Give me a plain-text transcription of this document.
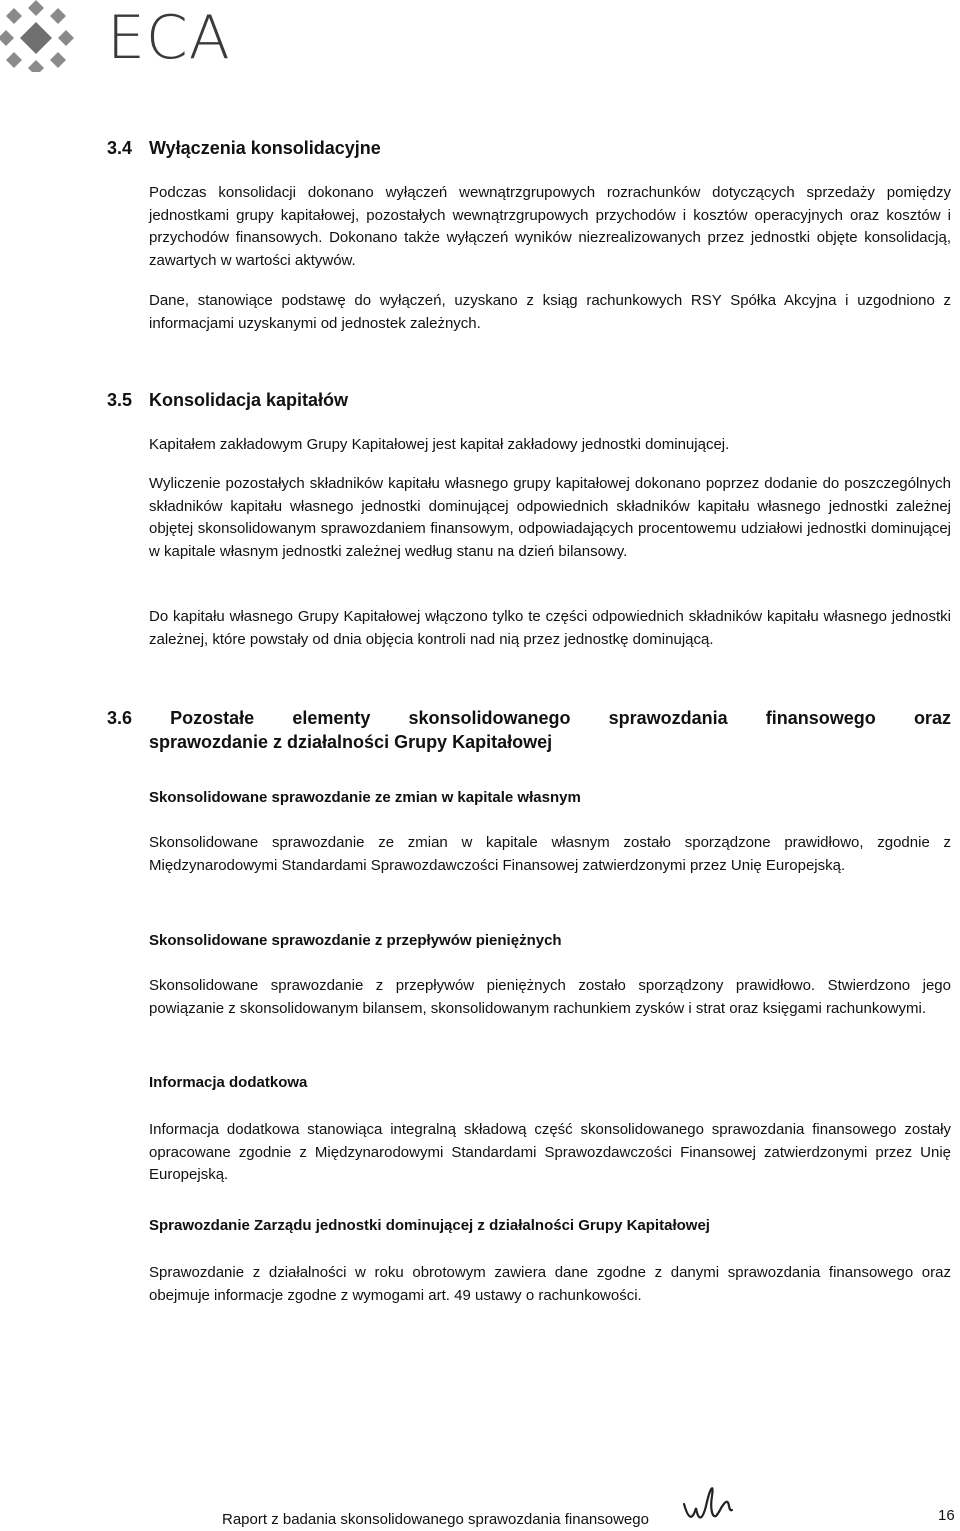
ECA
3.4 Wyłączenia konsolidacyjne

Podczas konsolidacji dokonano wyłączeń wewnątrzgrupowych rozrachunków dotyczących sprzedaży pomiędzy jednostkami grupy kapitałowej, pozostałych wewnątrzgrupowych przychodów i kosztów operacyjnych oraz kosztów i przychodów finansowych. Dokonano także wyłączeń wyników niezrealizowanych przez jednostki objęte konsolidacją, zawartych w wartości aktywów.

Dane, stanowiące podstawę do wyłączeń, uzyskano z ksiąg rachunkowych RSY Spółka Akcyjna i uzgodniono z informacjami uzyskanymi od jednostek zależnych.

3.5 Konsolidacja kapitałów

Kapitałem zakładowym Grupy Kapitałowej jest kapitał zakładowy jednostki dominującej.

Wyliczenie pozostałych składników kapitału własnego grupy kapitałowej dokonano poprzez dodanie do poszczególnych składników kapitału własnego jednostki dominującej odpowiednich składników kapitału własnego jednostki zależnej objętej skonsolidowanym sprawozdaniem finansowym, odpowiadających procentowemu udziałowi jednostki dominującej w kapitale własnym jednostki zależnej według stanu na dzień bilansowy.

Do kapitału własnego Grupy Kapitałowej włączono tylko te części odpowiednich składników kapitału własnego jednostki zależnej, które powstały od dnia objęcia kontroli nad nią przez jednostkę dominującą.

3.6 Pozostałe elementy skonsolidowanego sprawozdania finansowego oraz
sprawozdanie z działalności Grupy Kapitałowej
Skonsolidowane sprawozdanie ze zmian w kapitale własnym

Skonsolidowane sprawozdanie ze zmian w kapitale własnym zostało sporządzone prawidłowo, zgodnie z Międzynarodowymi Standardami Sprawozdawczości Finansowej zatwierdzonymi przez Unię Europejską.

Skonsolidowane sprawozdanie z przepływów pieniężnych

Skonsolidowane sprawozdanie z przepływów pieniężnych zostało sporządzony prawidłowo. Stwierdzono jego powiązanie z skonsolidowanym bilansem, skonsolidowanym rachunkiem zysków i strat oraz księgami rachunkowymi.

Informacja dodatkowa

Informacja dodatkowa stanowiąca integralną składową część skonsolidowanego sprawozdania finansowego zostały opracowane zgodnie z Międzynarodowymi Standardami Sprawozdawczości Finansowej zatwierdzonymi przez Unię Europejską.

Sprawozdanie Zarządu jednostki dominującej z działalności Grupy Kapitałowej

Sprawozdanie z działalności w roku obrotowym zawiera dane zgodne z danymi sprawozdania finansowego oraz obejmuje informacje zgodne z wymogami art. 49 ustawy o rachunkowości.

Raport z badania skonsolidowanego sprawozdania finansowego	16
